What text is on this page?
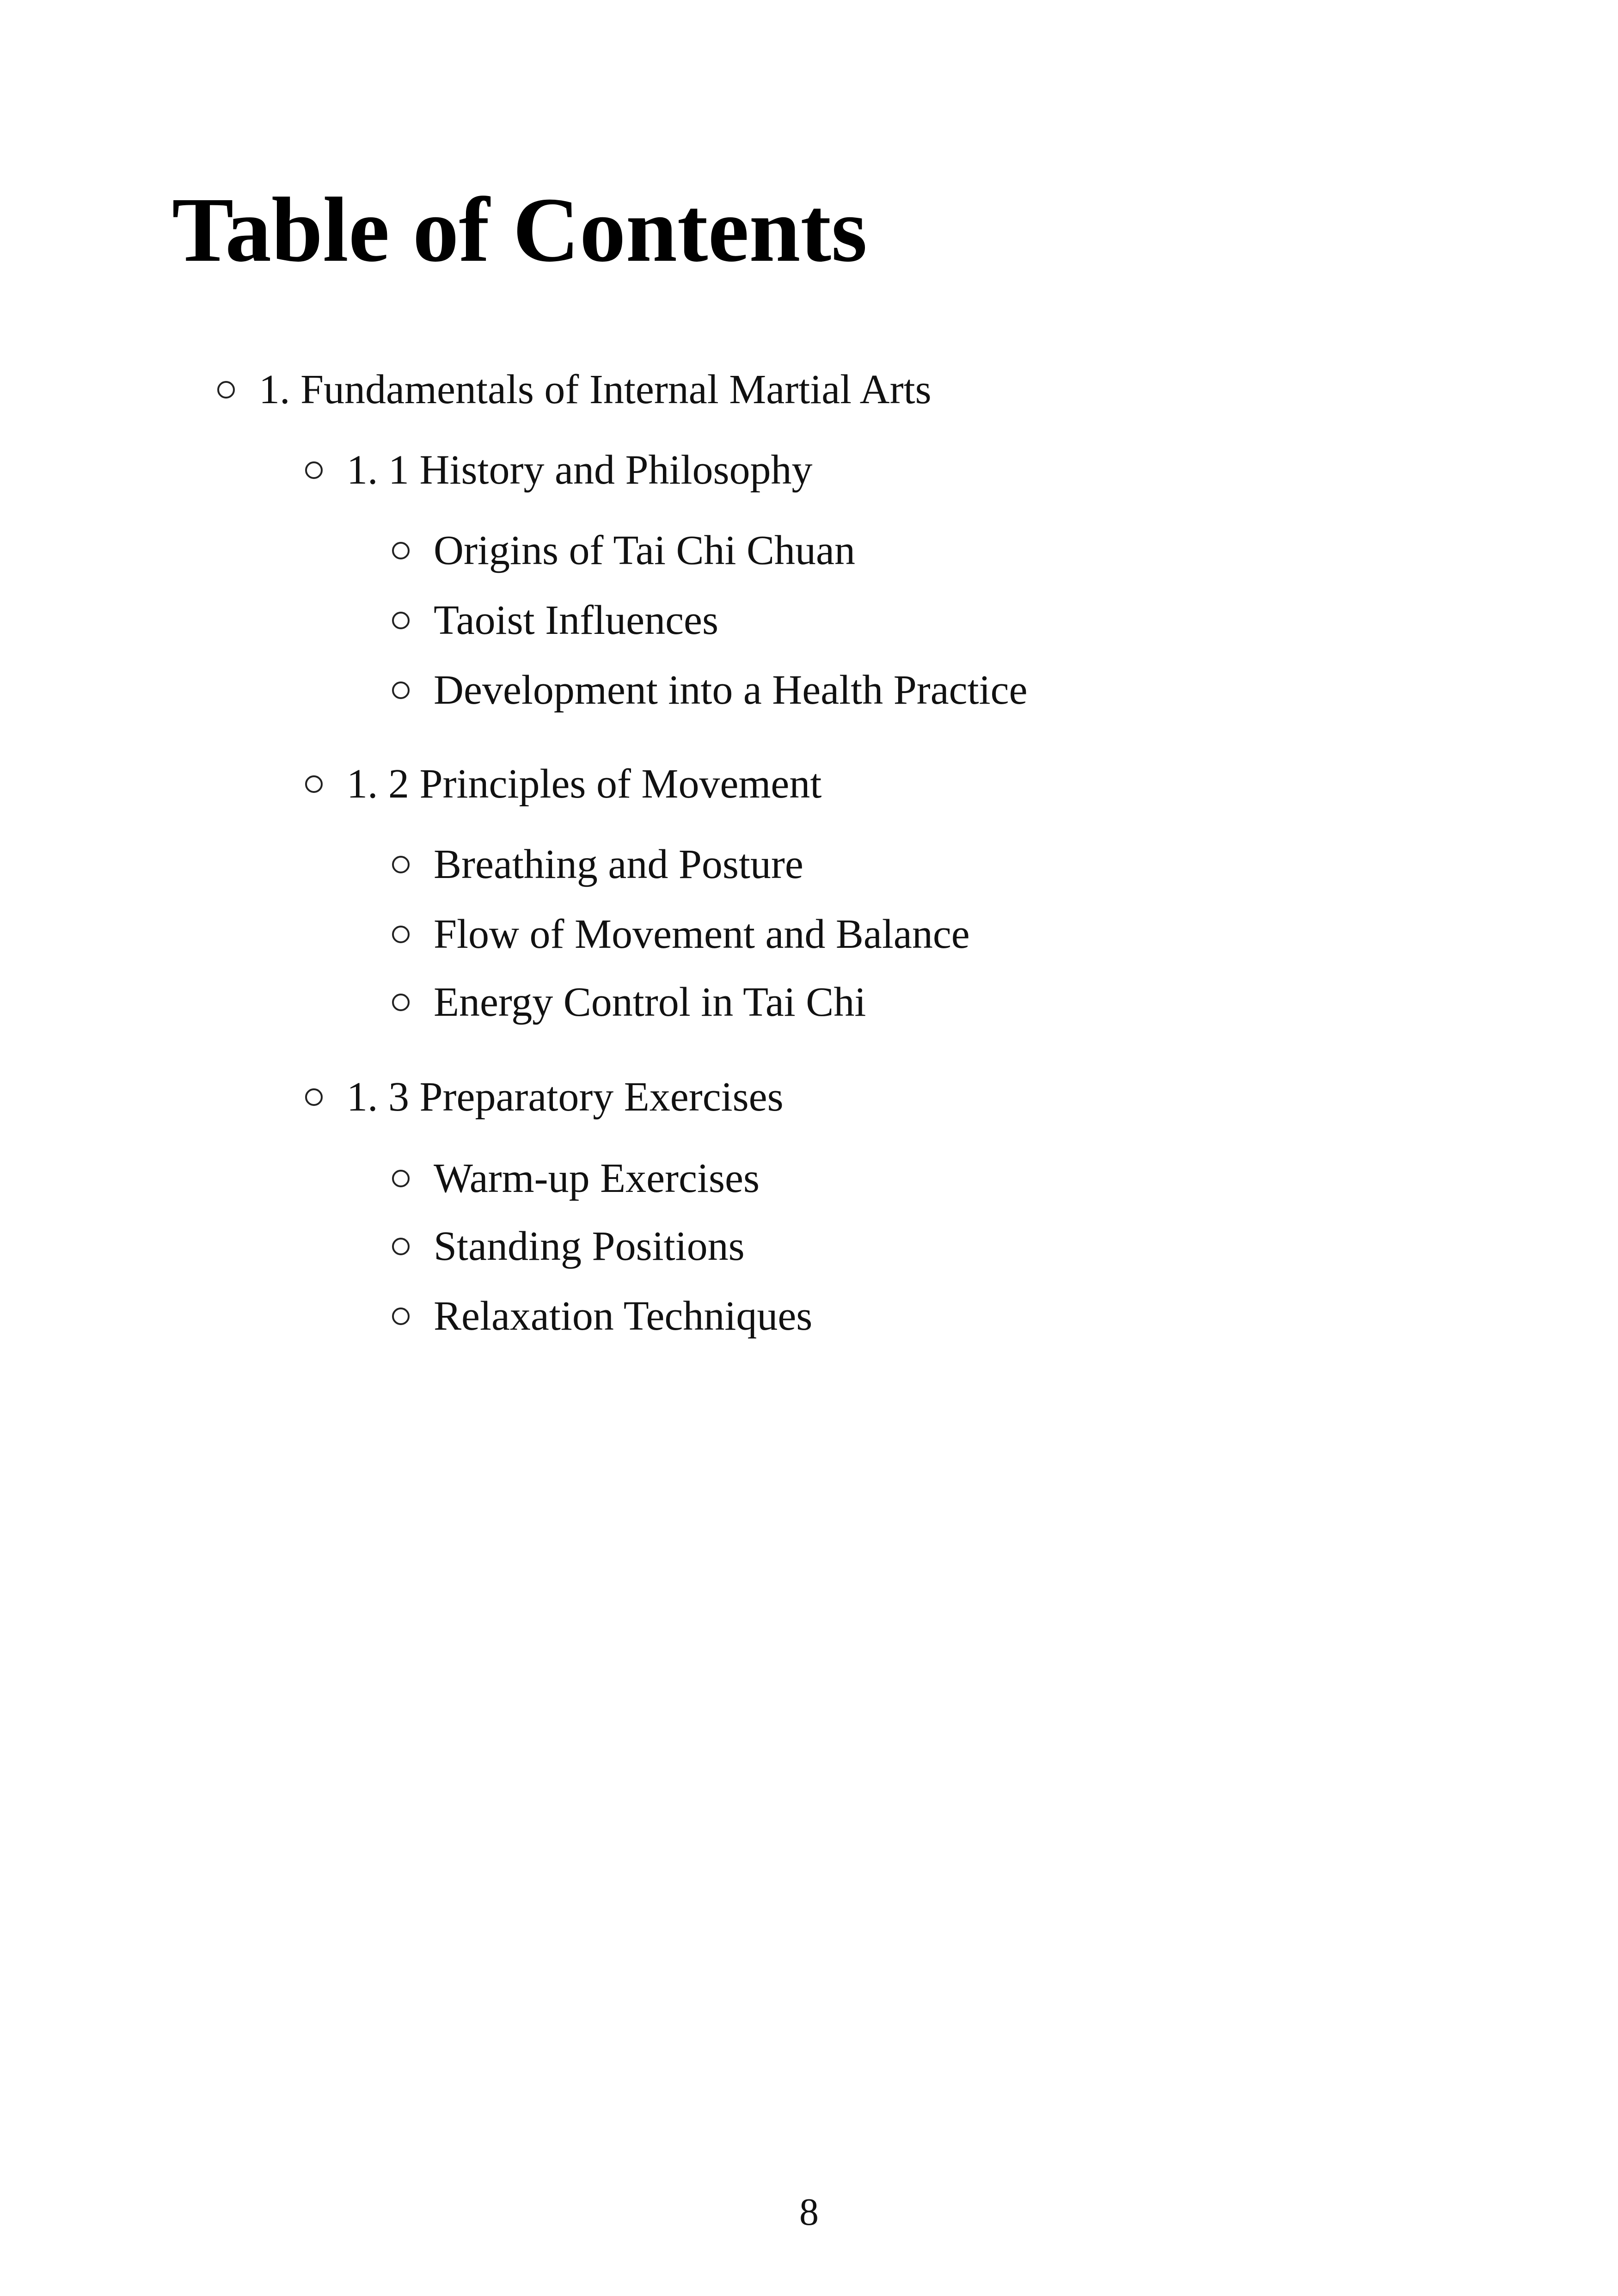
Table of Contents
1. Fundamentals of Internal Martial Arts
1. 1 History and Philosophy
Origins of Tai Chi Chuan
Taoist Influences
Development into a Health Practice
1. 2 Principles of Movement
Breathing and Posture
Flow of Movement and Balance
Energy Control in Tai Chi
1. 3 Preparatory Exercises
Warm-up Exercises
Standing Positions
Relaxation Techniques
8
